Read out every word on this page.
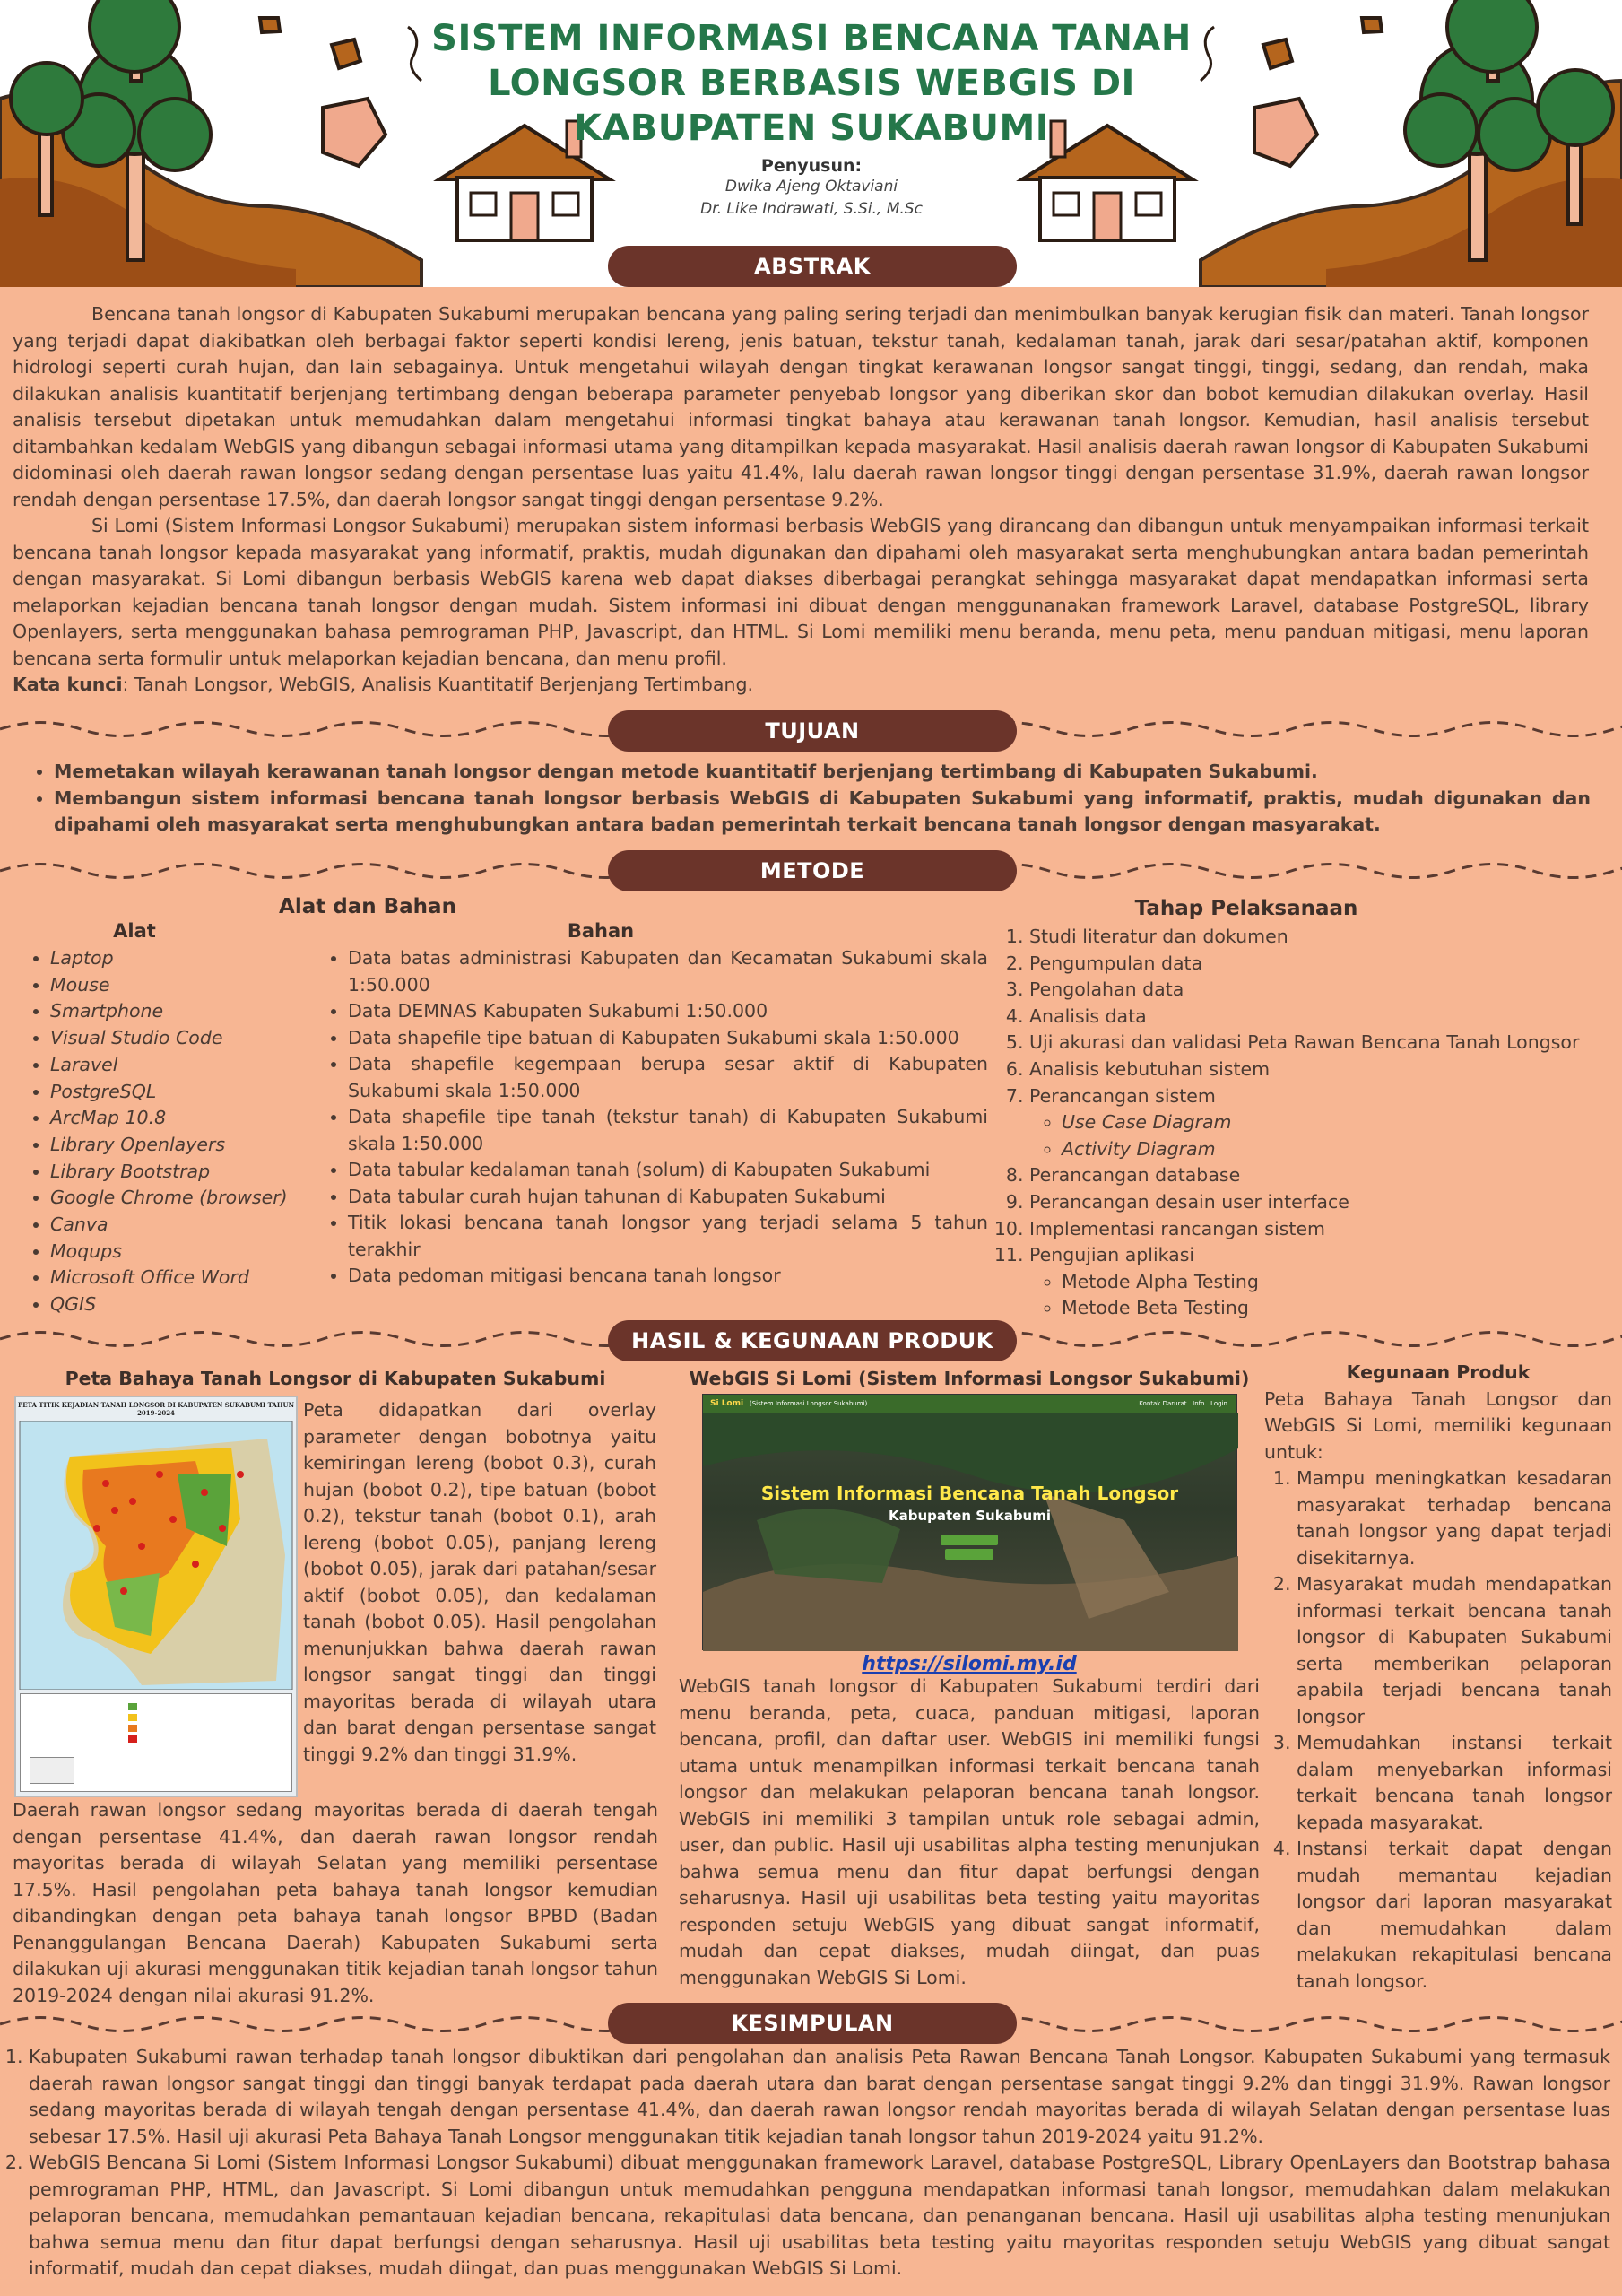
SISTEM INFORMASI BENCANA TANAH LONGSOR BERBASIS WEBGIS DI KABUPATEN SUKABUMI
Penyusun:
Dwika Ajeng Oktaviani
Dr. Like Indrawati, S.Si., M.Sc
ABSTRAK

Bencana tanah longsor di Kabupaten Sukabumi merupakan bencana yang paling sering terjadi dan menimbulkan banyak kerugian fisik dan materi. Tanah longsor yang terjadi dapat diakibatkan oleh berbagai faktor seperti kondisi lereng, jenis batuan, tekstur tanah, kedalaman tanah, jarak dari sesar/patahan aktif, komponen hidrologi seperti curah hujan, dan lain sebagainya. Untuk mengetahui wilayah dengan tingkat kerawanan longsor sangat tinggi, tinggi, sedang, dan rendah, maka dilakukan analisis kuantitatif berjenjang tertimbang dengan beberapa parameter penyebab longsor yang diberikan skor dan bobot kemudian dilakukan overlay. Hasil analisis tersebut dipetakan untuk memudahkan dalam mengetahui informasi tingkat bahaya atau kerawanan tanah longsor. Kemudian, hasil analisis tersebut ditambahkan kedalam WebGIS yang dibangun sebagai informasi utama yang ditampilkan kepada masyarakat. Hasil analisis daerah rawan longsor di Kabupaten Sukabumi didominasi oleh daerah rawan longsor sedang dengan persentase luas yaitu 41.4%, lalu daerah rawan longsor tinggi dengan persentase 31.9%, daerah rawan longsor rendah dengan persentase 17.5%, dan daerah longsor sangat tinggi dengan persentase 9.2%.

Si Lomi (Sistem Informasi Longsor Sukabumi) merupakan sistem informasi berbasis WebGIS yang dirancang dan dibangun untuk menyampaikan informasi terkait bencana tanah longsor kepada masyarakat yang informatif, praktis, mudah digunakan dan dipahami oleh masyarakat serta menghubungkan antara badan pemerintah dengan masyarakat. Si Lomi dibangun berbasis WebGIS karena web dapat diakses diberbagai perangkat sehingga masyarakat dapat mendapatkan informasi serta melaporkan kejadian bencana tanah longsor dengan mudah. Sistem informasi ini dibuat dengan menggunanakan framework Laravel, database PostgreSQL, library Openlayers, serta menggunakan bahasa pemrograman PHP, Javascript, dan HTML. Si Lomi memiliki menu beranda, menu peta, menu panduan mitigasi, menu laporan bencana serta formulir untuk melaporkan kejadian bencana, dan menu profil.

Kata kunci: Tanah Longsor, WebGIS, Analisis Kuantitatif Berjenjang Tertimbang.

TUJUAN
• Memetakan wilayah kerawanan tanah longsor dengan metode kuantitatif berjenjang tertimbang di Kabupaten Sukabumi.
• Membangun sistem informasi bencana tanah longsor berbasis WebGIS di Kabupaten Sukabumi yang informatif, praktis, mudah digunakan dan dipahami oleh masyarakat serta menghubungkan antara badan pemerintah terkait bencana tanah longsor dengan masyarakat.
METODE
Alat dan Bahan
Alat
• Laptop
• Mouse
• Smartphone
• Visual Studio Code
• Laravel
• PostgreSQL
• ArcMap 10.8
• Library Openlayers
• Library Bootstrap
• Google Chrome (browser)
• Canva
• Moqups
• Microsoft Office Word
• QGIS
Bahan
• Data batas administrasi Kabupaten dan Kecamatan Sukabumi skala 1:50.000
• Data DEMNAS Kabupaten Sukabumi 1:50.000
• Data shapefile tipe batuan di Kabupaten Sukabumi skala 1:50.000
• Data shapefile kegempaan berupa sesar aktif di Kabupaten Sukabumi skala 1:50.000
• Data shapefile tipe tanah (tekstur tanah) di Kabupaten Sukabumi skala 1:50.000
• Data tabular kedalaman tanah (solum) di Kabupaten Sukabumi
• Data tabular curah hujan tahunan di Kabupaten Sukabumi
• Titik lokasi bencana tanah longsor yang terjadi selama 5 tahun terakhir
• Data pedoman mitigasi bencana tanah longsor
Tahap Pelaksanaan
1. Studi literatur dan dokumen
2. Pengumpulan data
3. Pengolahan data
4. Analisis data
5. Uji akurasi dan validasi Peta Rawan Bencana Tanah Longsor
6. Analisis kebutuhan sistem
7. Perancangan sistem
◦ Use Case Diagram
◦ Activity Diagram
8. Perancangan database
9. Perancangan desain user interface
10. Implementasi rancangan sistem
11. Pengujian aplikasi
◦ Metode Alpha Testing
◦ Metode Beta Testing
HASIL & KEGUNAAN PRODUK
Peta Bahaya Tanah Longsor di Kabupaten Sukabumi
PETA TITIK KEJADIAN TANAH LONGSOR DI KABUPATEN SUKABUMI TAHUN 2019-2024	Peta didapatkan dari overlay parameter dengan bobotnya yaitu kemiringan lereng (bobot 0.3), curah hujan (bobot 0.2), tipe batuan (bobot 0.2), tekstur tanah (bobot 0.1), arah lereng (bobot 0.05), panjang lereng (bobot 0.05), jarak dari patahan/sesar aktif (bobot 0.05), dan kedalaman tanah (bobot 0.05). Hasil pengolahan menunjukkan bahwa daerah rawan longsor sangat tinggi dan tinggi mayoritas berada di wilayah utara dan barat dengan persentase sangat tinggi 9.2% dan tinggi 31.9%.
Daerah rawan longsor sedang mayoritas berada di daerah tengah dengan persentase 41.4%, dan daerah rawan longsor rendah mayoritas berada di wilayah Selatan yang memiliki persentase 17.5%. Hasil pengolahan peta bahaya tanah longsor kemudian dibandingkan dengan peta bahaya tanah longsor BPBD (Badan Penanggulangan Bencana Daerah) Kabupaten Sukabumi serta dilakukan uji akurasi menggunakan titik kejadian tanah longsor tahun 2019-2024 dengan nilai akurasi 91.2%.
WebGIS Si Lomi (Sistem Informasi Longsor Sukabumi)
Si Lomi (Sistem Informasi Longsor Sukabumi)	Kontak Darurat Info Login
Sistem Informasi Bencana Tanah Longsor
Kabupaten Sukabumi
https://silomi.my.id
WebGIS tanah longsor di Kabupaten Sukabumi terdiri dari menu beranda, peta, cuaca, panduan mitigasi, laporan bencana, profil, dan daftar user. WebGIS ini memiliki fungsi utama untuk menampilkan informasi terkait bencana tanah longsor dan melakukan pelaporan bencana tanah longsor. WebGIS ini memiliki 3 tampilan untuk role sebagai admin, user, dan public. Hasil uji usabilitas alpha testing menunjukan bahwa semua menu dan fitur dapat berfungsi dengan seharusnya. Hasil uji usabilitas beta testing yaitu mayoritas responden setuju WebGIS yang dibuat sangat informatif, mudah dan cepat diakses, mudah diingat, dan puas menggunakan WebGIS Si Lomi.
Kegunaan Produk

Peta Bahaya Tanah Longsor dan WebGIS Si Lomi, memiliki kegunaan untuk:

1. Mampu meningkatkan kesadaran masyarakat terhadap bencana tanah longsor yang dapat terjadi disekitarnya.
2. Masyarakat mudah mendapatkan informasi terkait bencana tanah longsor di Kabupaten Sukabumi serta memberikan pelaporan apabila terjadi bencana tanah longsor
3. Memudahkan instansi terkait dalam menyebarkan informasi terkait bencana tanah longsor kepada masyarakat.
4. Instansi terkait dapat dengan mudah memantau kejadian longsor dari laporan masyarakat dan memudahkan dalam melakukan rekapitulasi bencana tanah longsor.
KESIMPULAN
1. Kabupaten Sukabumi rawan terhadap tanah longsor dibuktikan dari pengolahan dan analisis Peta Rawan Bencana Tanah Longsor. Kabupaten Sukabumi yang termasuk daerah rawan longsor sangat tinggi dan tinggi banyak terdapat pada daerah utara dan barat dengan persentase sangat tinggi 9.2% dan tinggi 31.9%. Rawan longsor sedang mayoritas berada di wilayah tengah dengan persentase 41.4%, dan daerah rawan longsor rendah mayoritas berada di wilayah Selatan dengan persentase luas sebesar 17.5%. Hasil uji akurasi Peta Bahaya Tanah Longsor menggunakan titik kejadian tanah longsor tahun 2019-2024 yaitu 91.2%.
2. WebGIS Bencana Si Lomi (Sistem Informasi Longsor Sukabumi) dibuat menggunakan framework Laravel, database PostgreSQL, Library OpenLayers dan Bootstrap bahasa pemrograman PHP, HTML, dan Javascript. Si Lomi dibangun untuk memudahkan pengguna mendapatkan informasi tanah longsor, memudahkan dalam melakukan pelaporan bencana, memudahkan pemantauan kejadian bencana, rekapitulasi data bencana, dan penanganan bencana. Hasil uji usabilitas alpha testing menunjukan bahwa semua menu dan fitur dapat berfungsi dengan seharusnya. Hasil uji usabilitas beta testing yaitu mayoritas responden setuju WebGIS yang dibuat sangat informatif, mudah dan cepat diakses, mudah diingat, dan puas menggunakan WebGIS Si Lomi.
